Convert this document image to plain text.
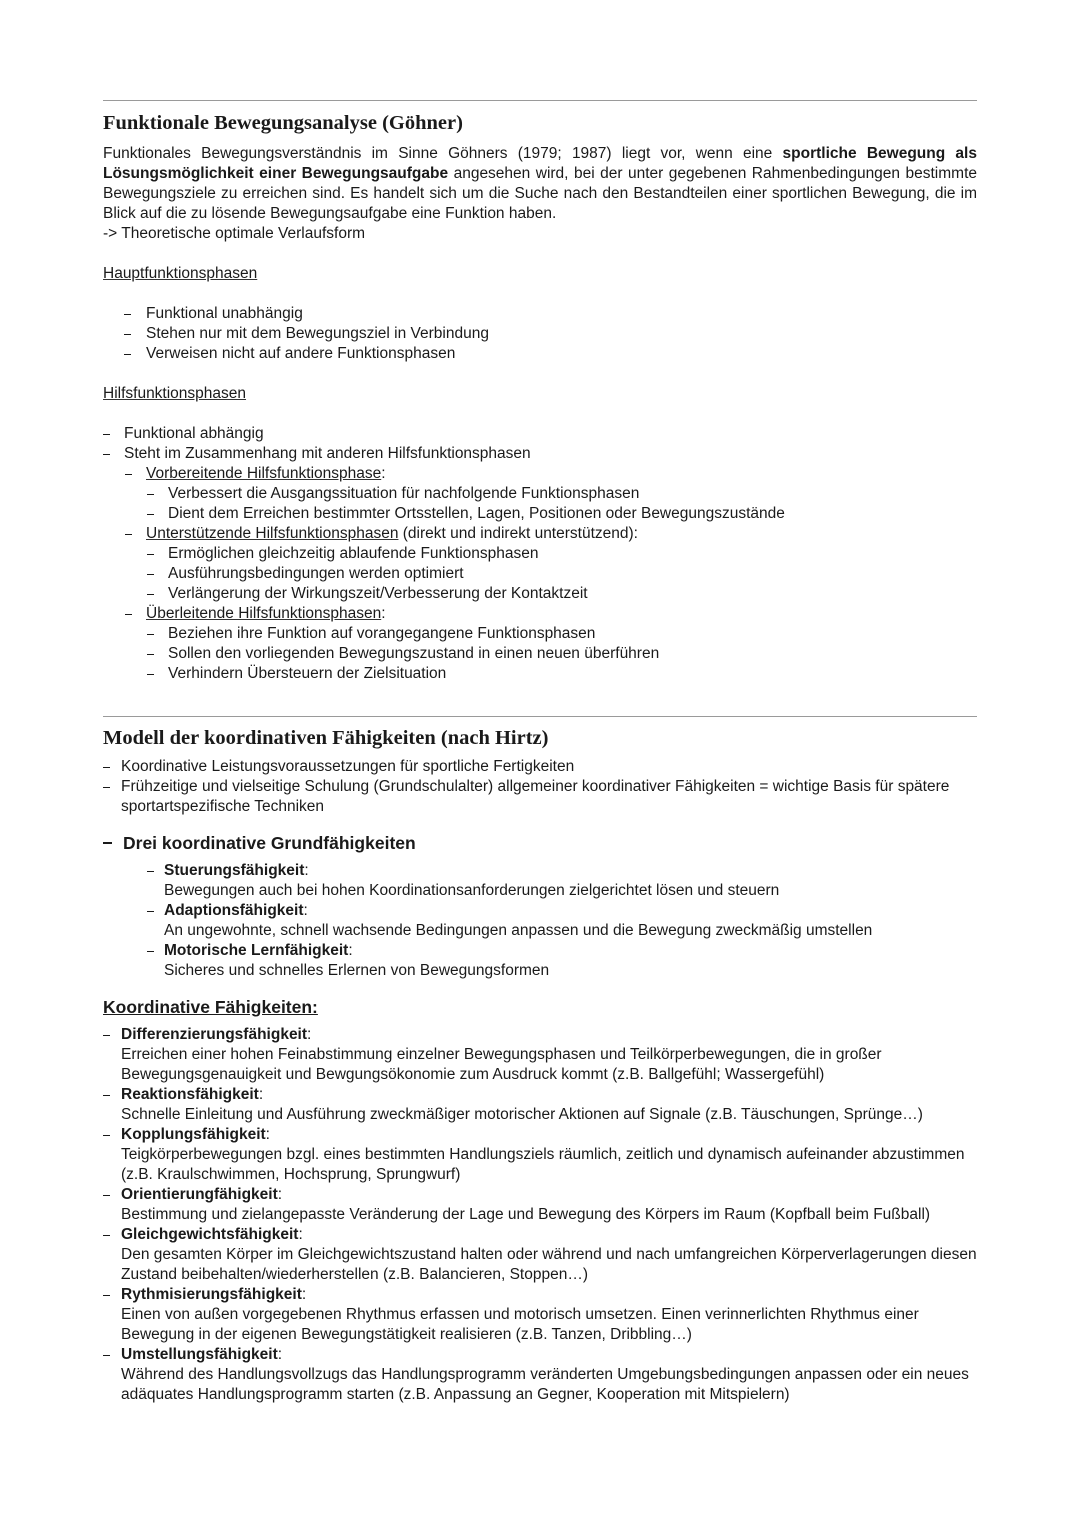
Funktionale Bewegungsanalyse (Göhner)

Funktionales Bewegungsverständnis im Sinne Göhners (1979; 1987) liegt vor, wenn eine sportliche Bewegung als Lösungsmöglichkeit einer Bewegungsaufgabe angesehen wird, bei der unter gegebenen Rahmenbedingungen bestimmte Bewegungsziele zu erreichen sind. Es handelt sich um die Suche nach den Bestandteilen einer sportlichen Bewegung, die im Blick auf die zu lösende Bewegungsaufgabe eine Funktion haben.

-> Theoretische optimale Verlaufsform

Hauptfunktionsphasen

Funktional unabhängig
Stehen nur mit dem Bewegungsziel in Verbindung
Verweisen nicht auf andere Funktionsphasen

Hilfsfunktionsphasen

Funktional abhängig
Steht im Zusammenhang mit anderen Hilfsfunktionsphasen
Vorbereitende Hilfsfunktionsphase:
Verbessert die Ausgangssituation für nachfolgende Funktionsphasen
Dient dem Erreichen bestimmter Ortsstellen, Lagen, Positionen oder Bewegungszustände
Unterstützende Hilfsfunktionsphasen (direkt und indirekt unterstützend):
Ermöglichen gleichzeitig ablaufende Funktionsphasen
Ausführungsbedingungen werden optimiert
Verlängerung der Wirkungszeit/Verbesserung der Kontaktzeit
Überleitende Hilfsfunktionsphasen:
Beziehen ihre Funktion auf vorangegangene Funktionsphasen
Sollen den vorliegenden Bewegungszustand in einen neuen überführen
Verhindern Übersteuern der Zielsituation
Modell der koordinativen Fähigkeiten (nach Hirtz)
Koordinative Leistungsvoraussetzungen für sportliche Fertigkeiten
Frühzeitige und vielseitige Schulung (Grundschulalter) allgemeiner koordinativer Fähigkeiten = wichtige Basis für spätere sportartspezifische Techniken

Drei koordinative Grundfähigkeiten

Stuerungsfähigkeit:
Bewegungen auch bei hohen Koordinationsanforderungen zielgerichtet lösen und steuern
Adaptionsfähigkeit:
An ungewohnte, schnell wachsende Bedingungen anpassen und die Bewegung zweckmäßig umstellen
Motorische Lernfähigkeit:
Sicheres und schnelles Erlernen von Bewegungsformen

Koordinative Fähigkeiten:

Differenzierungsfähigkeit:
Erreichen einer hohen Feinabstimmung einzelner Bewegungsphasen und Teilkörperbewegungen, die in großer Bewegungsgenauigkeit und Bewgungsökonomie zum Ausdruck kommt (z.B. Ballgefühl; Wassergefühl)
Reaktionsfähigkeit:
Schnelle Einleitung und Ausführung zweckmäßiger motorischer Aktionen auf Signale (z.B. Täuschungen, Sprünge…)
Kopplungsfähigkeit:
Teigkörperbewegungen bzgl. eines bestimmten Handlungsziels räumlich, zeitlich und dynamisch aufeinander abzustimmen (z.B. Kraulschwimmen, Hochsprung, Sprungwurf)
Orientierungfähigkeit:
Bestimmung und zielangepasste Veränderung der Lage und Bewegung des Körpers im Raum (Kopfball beim Fußball)
Gleichgewichtsfähigkeit:
Den gesamten Körper im Gleichgewichtszustand halten oder während und nach umfangreichen Körperverlagerungen diesen Zustand beibehalten/wiederherstellen (z.B. Balancieren, Stoppen…)
Rythmisierungsfähigkeit:
Einen von außen vorgegebenen Rhythmus erfassen und motorisch umsetzen. Einen verinnerlichten Rhythmus einer Bewegung in der eigenen Bewegungstätigkeit realisieren (z.B. Tanzen, Dribbling…)
Umstellungsfähigkeit:
Während des Handlungsvollzugs das Handlungsprogramm veränderten Umgebungsbedingungen anpassen oder ein neues adäquates Handlungsprogramm starten (z.B. Anpassung an Gegner, Kooperation mit Mitspielern)
